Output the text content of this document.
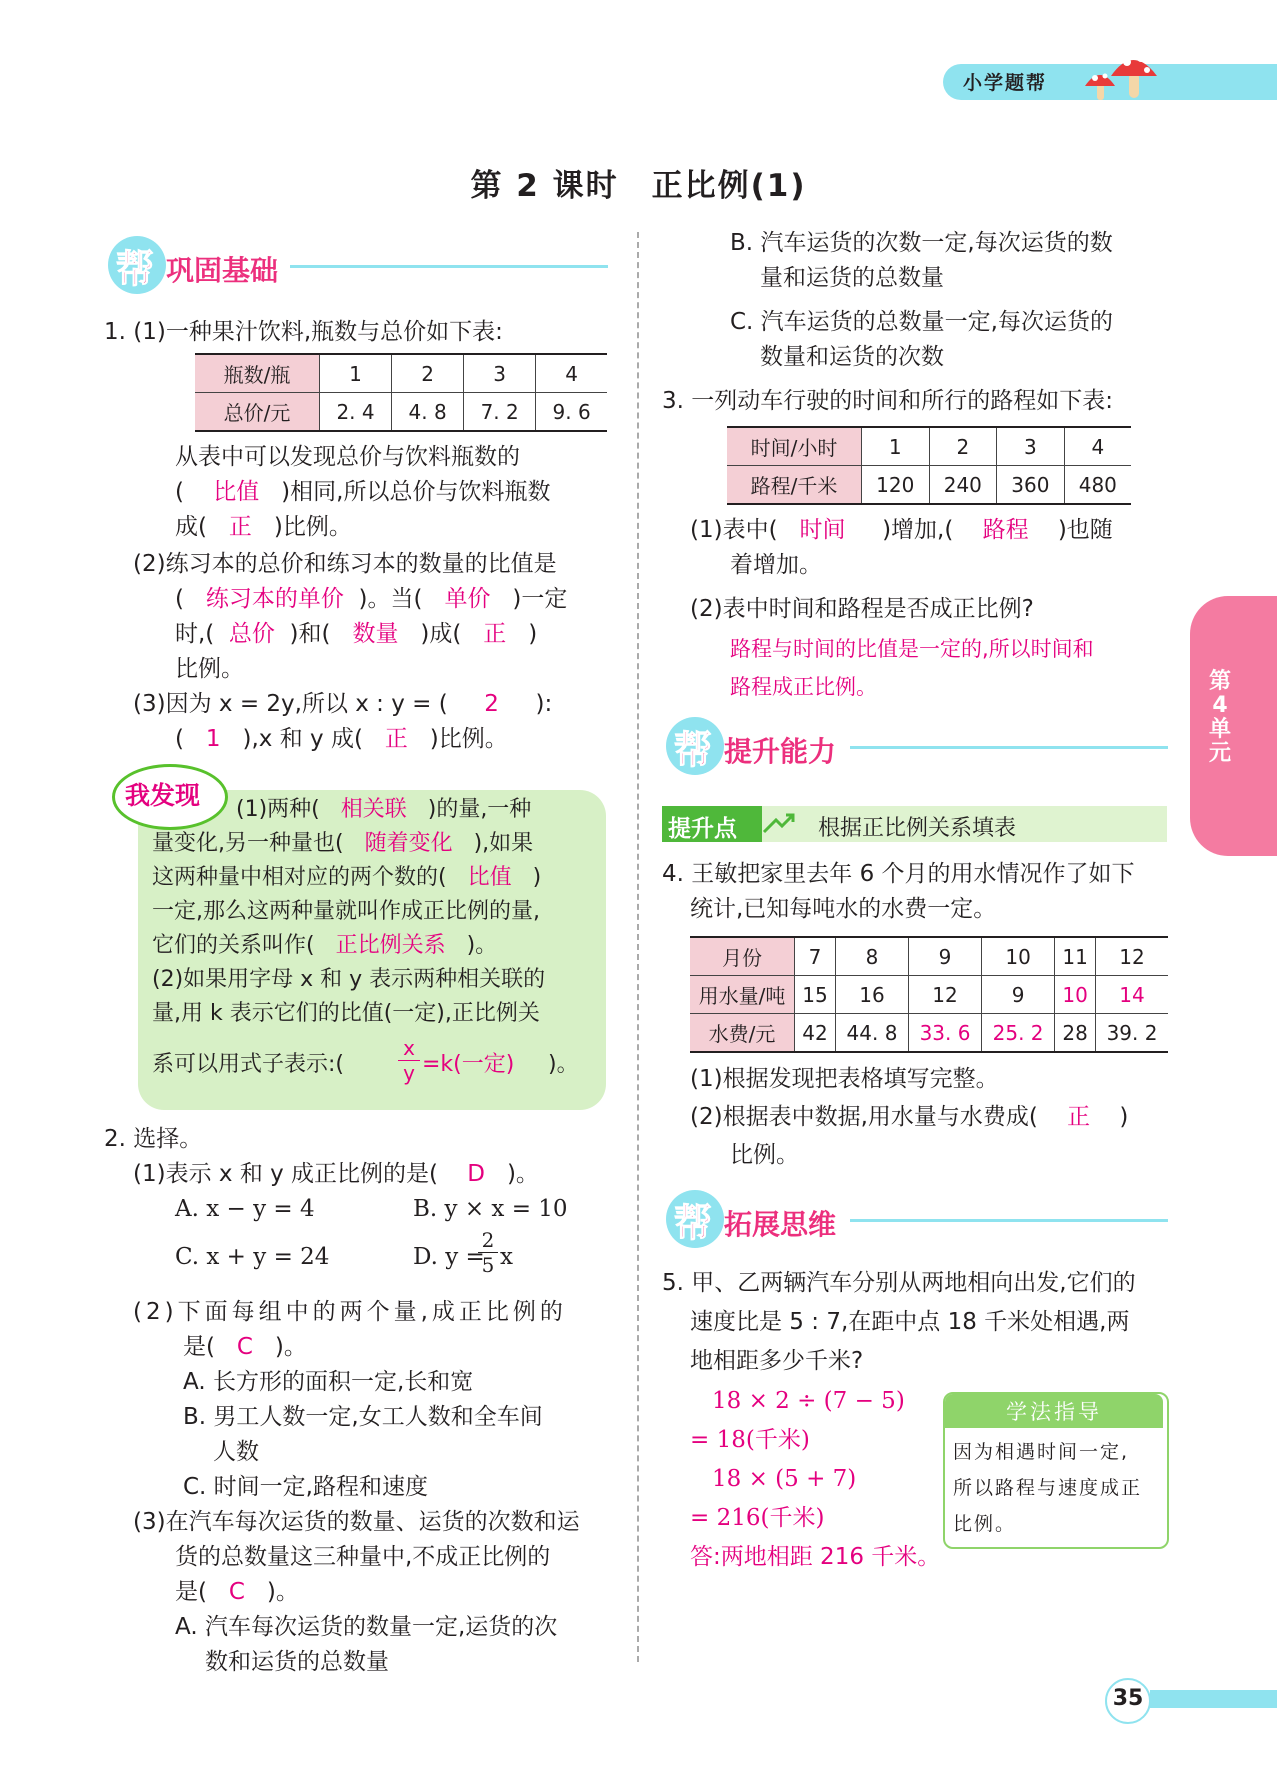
小学题帮
第 2 课时　正比例(1)
帮 巩固基础
1. (1)一种果汁饮料,瓶数与总价如下表:
瓶数/瓶	1	2	3	4
总价/元	2. 4	4. 8	7. 2	9. 6
从表中可以发现总价与饮料瓶数的
( 比值 )相同,所以总价与饮料瓶数
成( 正 )比例。
(2)练习本的总价和练习本的数量的比值是
( 练习本的单价 )。当( 单价 )一定
时,( 总价 )和( 数量 )成( 正 )
比例。
(3)因为 x = 2y,所以 x : y = ( 2 ):
( 1 ),x 和 y 成( 正 )比例。
我发现 (1)两种( 相关联 )的量,一种
量变化,另一种量也( 随着变化 ),如果
这两种量中相对应的两个数的( 比值 )
一定,那么这两种量就叫作成正比例的量,
它们的关系叫作( 正比例关系 )。
(2)如果用字母 x 和 y 表示两种相关联的
量,用 k 表示它们的比值(一定),正比例关
系可以用式子表示:(
x
y =k(一定) )。
2. 选择。
(1)表示 x 和 y 成正比例的是( D )。
A. x − y = 4	B. y × x = 10
C. x + y = 24	D. y =
2
5 x
(2)下面每组中的两个量,成正比例的
是( C )。
A. 长方形的面积一定,长和宽
B. 男工人数一定,女工人数和全车间
人数
C. 时间一定,路程和速度
(3)在汽车每次运货的数量、运货的次数和运
货的总数量这三种量中,不成正比例的
是( C )。
A. 汽车每次运货的数量一定,运货的次
数和运货的总数量
B. 汽车运货的次数一定,每次运货的数
量和运货的总数量
C. 汽车运货的总数量一定,每次运货的
数量和运货的次数
3. 一列动车行驶的时间和所行的路程如下表:
时间/小时	1	2	3	4
路程/千米	120	240	360	480
(1)表中( 时间 )增加,( 路程 )也随
着增加。
(2)表中时间和路程是否成正比例?
路程与时间的比值是一定的,所以时间和
路程成正比例。
帮 提升能力
提升点	根据正比例关系填表
4. 王敏把家里去年 6 个月的用水情况作了如下
统计,已知每吨水的水费一定。
月份	7	8	9	10	11	12
用水量/吨	15	16	12	9	10	14
水费/元	42	44. 8	33. 6	25. 2	28	39. 2
(1)根据发现把表格填写完整。
(2)根据表中数据,用水量与水费成( 正 )
比例。
帮 拓展思维
5. 甲、乙两辆汽车分别从两地相向出发,它们的
速度比是 5 : 7,在距中点 18 千米处相遇,两
地相距多少千米?
18 × 2 ÷ (7 − 5)
= 18(千米)
18 × (5 + 7)
= 216(千米)
答:两地相距 216 千米。
学法指导
因为相遇时间一定,
所以路程与速度成正
比例。
第
4
单
元
35
